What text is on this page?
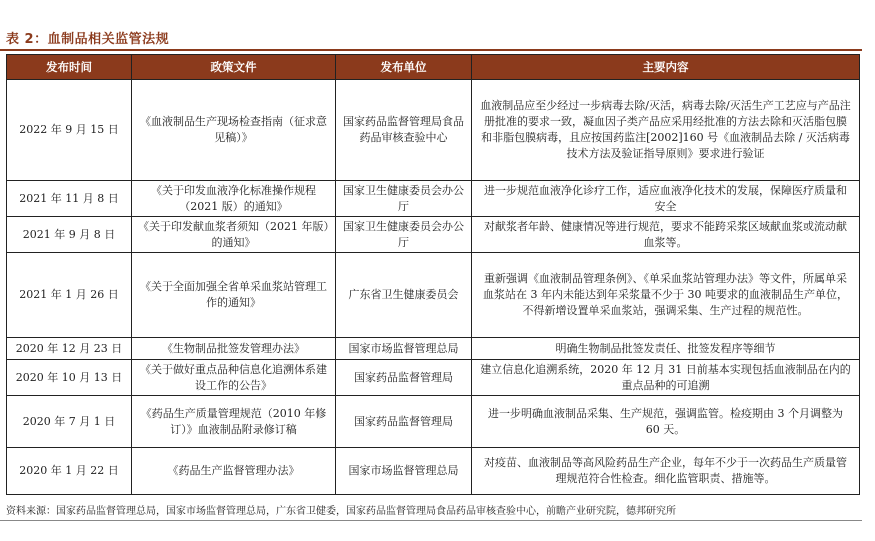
表 2：血制品相关监管法规
发布时间	政策文件	发布单位	主要内容
2022 年 9 月 15 日	《血液制品生产现场检查指南（征求意见稿）》	国家药品监督管理局食品药品审核查验中心	血液制品应至少经过一步病毒去除/灭活，病毒去除/灭活生产工艺应与产品注册批准的要求一致，凝血因子类产品应采用经批准的方法去除和灭活脂包膜和非脂包膜病毒，且应按国药监注[2002]160 号《血液制品去除 / 灭活病毒技术方法及验证指导原则》要求进行验证
2021 年 11 月 8 日	《关于印发血液净化标准操作规程（2021 版）的通知》	国家卫生健康委员会办公厅	进一步规范血液净化诊疗工作，适应血液净化技术的发展，保障医疗质量和安全
2021 年 9 月 8 日	《关于印发献血浆者须知（2021 年版）的通知》	国家卫生健康委员会办公厅	对献浆者年龄、健康情况等进行规范，要求不能跨采浆区域献血浆或流动献血浆等。
2021 年 1 月 26 日	《关于全面加强全省单采血浆站管理工作的通知》	广东省卫生健康委员会	重新强调《血液制品管理条例》、《单采血浆站管理办法》等文件，所属单采血浆站在 3 年内未能达到年采浆量不少于 30 吨要求的血液制品生产单位，不得新增设置单采血浆站，强调采集、生产过程的规范性。
2020 年 12 月 23 日	《生物制品批签发管理办法》	国家市场监督管理总局	明确生物制品批签发责任、批签发程序等细节
2020 年 10 月 13 日	《关于做好重点品种信息化追溯体系建设工作的公告》	国家药品监督管理局	建立信息化追溯系统，2020 年 12 月 31 日前基本实现包括血液制品在内的重点品种的可追溯
2020 年 7 月 1 日	《药品生产质量管理规范（2010 年修订）》血液制品附录修订稿	国家药品监督管理局	进一步明确血液制品采集、生产规范，强调监管。检疫期由 3 个月调整为 60 天。
2020 年 1 月 22 日	《药品生产监督管理办法》	国家市场监督管理总局	对疫苗、血液制品等高风险药品生产企业，每年不少于一次药品生产质量管理规范符合性检查。细化监管职责、措施等。
资料来源：国家药品监督管理总局，国家市场监督管理总局，广东省卫健委，国家药品监督管理局食品药品审核查验中心，前瞻产业研究院，德邦研究所
